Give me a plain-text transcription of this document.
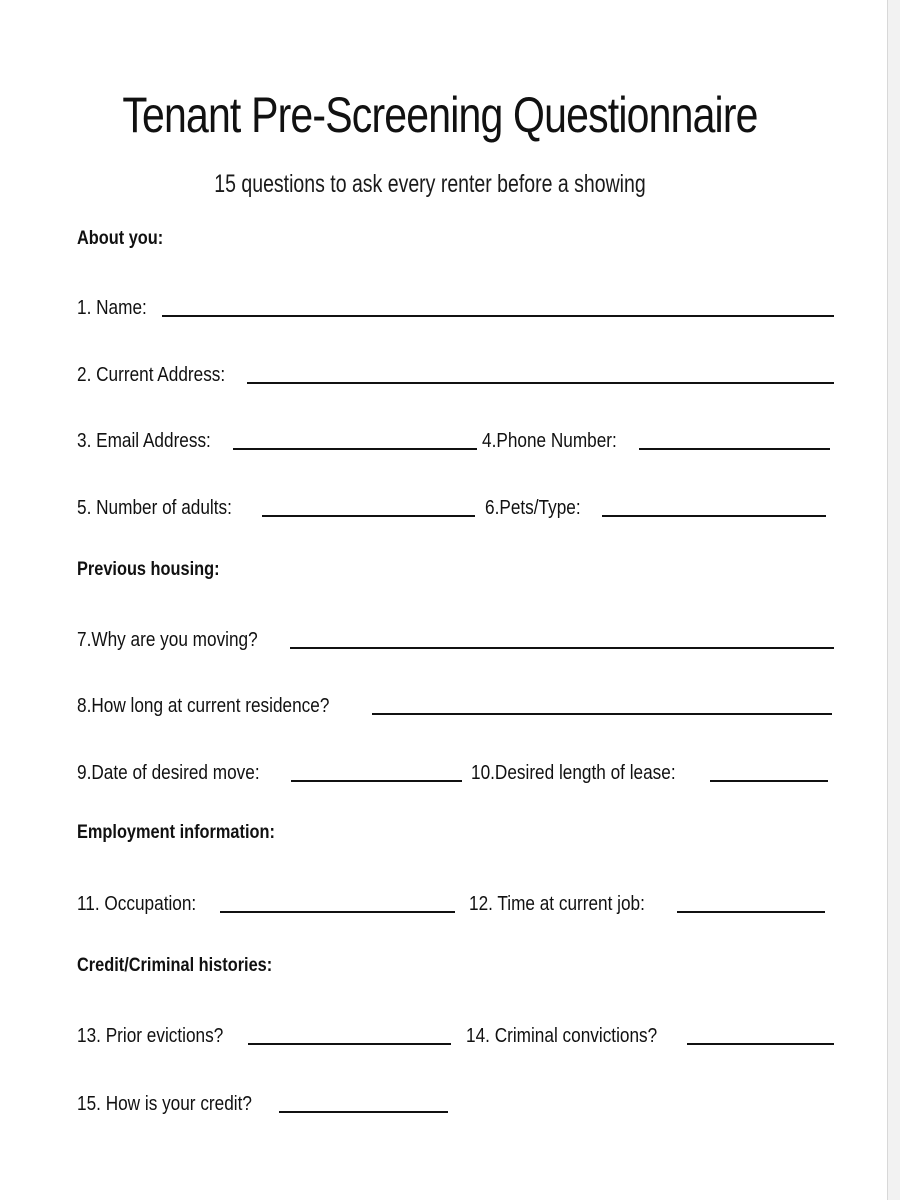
Tenant Pre-Screening Questionnaire
15 questions to ask every renter before a showing
About you:
1. Name:
2. Current Address:
3. Email Address:	4.Phone Number:
5. Number of adults:	6.Pets/Type:
Previous housing:
7.Why are you moving?
8.How long at current residence?
9.Date of desired move:	10.Desired length of lease:
Employment information:
11. Occupation:	12. Time at current job:
Credit/Criminal histories:
13. Prior evictions?	14. Criminal convictions?
15. How is your credit?
